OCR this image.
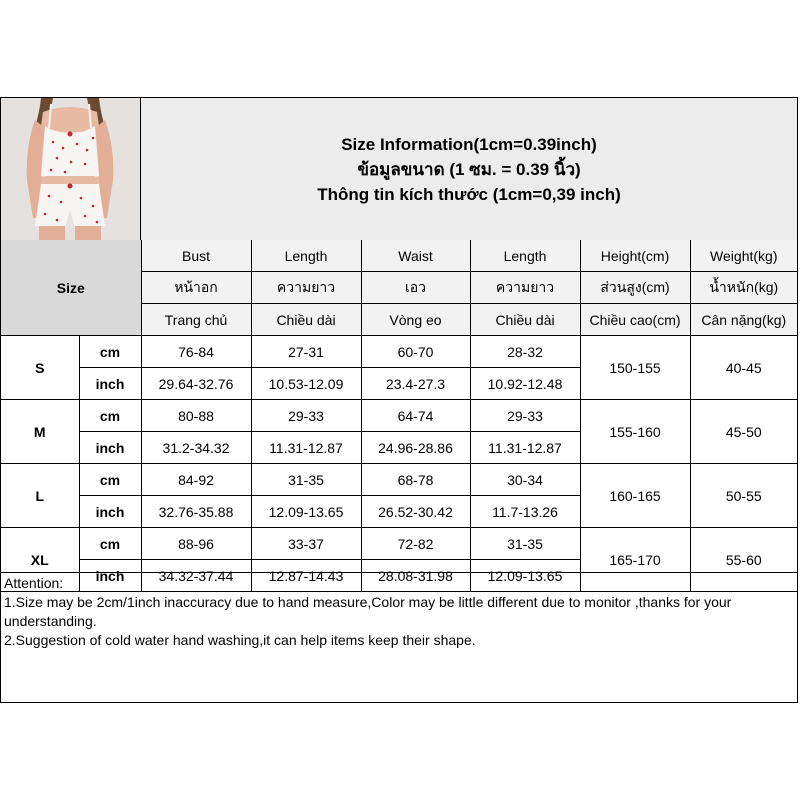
Size Information(1cm=0.39inch)
ข้อมูลขนาด (1 ซม. = 0.39 นิ้ว)
Thông tin kích thước (1cm=0,39 inch)
Size		Bust	Length	Waist	Length	Height(cm)	Weight(kg)
		หน้าอก	ความยาว	เอว	ความยาว	ส่วนสูง(cm)	น้ำหนัก(kg)
		Trang chủ	Chiều dài	Vòng eo	Chiều dài	Chiều cao(cm)	Cân nặng(kg)
S	cm	76-84	27-31	60-70	28-32	150-155	40-45
	inch	29.64-32.76	10.53-12.09	23.4-27.3	10.92-12.48		
M	cm	80-88	29-33	64-74	29-33	155-160	45-50
	inch	31.2-34.32	11.31-12.87	24.96-28.86	11.31-12.87		
L	cm	84-92	31-35	68-78	30-34	160-165	50-55
	inch	32.76-35.88	12.09-13.65	26.52-30.42	11.7-13.26		
XL	cm	88-96	33-37	72-82	31-35	165-170	55-60
	inch	34.32-37.44	12.87-14.43	28.08-31.98	12.09-13.65		

Attention:

1.Size may be 2cm/1inch inaccuracy due to hand measure,Color may be little different due to monitor ,thanks for your understanding.

2.Suggestion of cold water hand washing,it can help items keep their shape.
